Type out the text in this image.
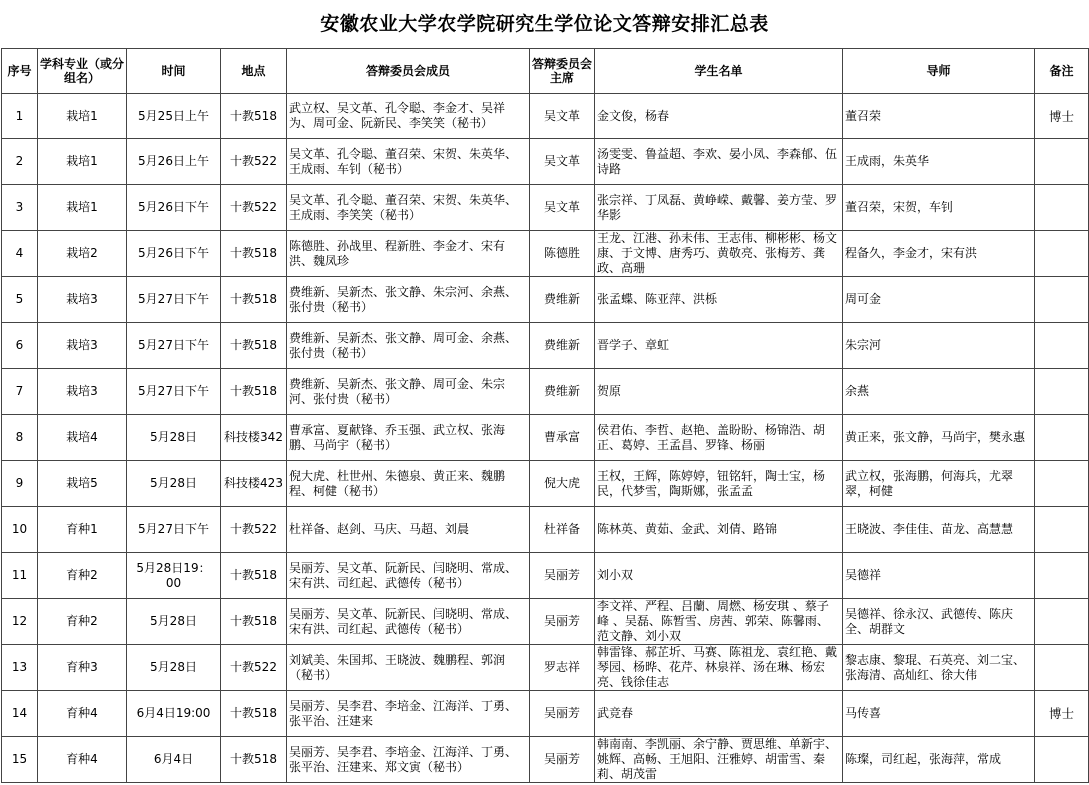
安徽农业大学农学院研究生学位论文答辩安排汇总表
序号	学科专业（或分组名）	时间	地点	答辩委员会成员	答辩委员会主席	学生名单	导师	备注
1	栽培1	5月25日上午	十教518	武立权、吴文革、孔令聪、李金才、吴祥为、周可金、阮新民、李笑笑（秘书）	吴文革	金文俊，杨春	董召荣	博士
2	栽培1	5月26日上午	十教522	吴文革、孔令聪、董召荣、宋贺、朱英华、王成雨、车钊（秘书）	吴文革	汤雯雯、鲁益超、李欢、晏小凤、李森郁、伍诗路	王成雨，朱英华	
3	栽培1	5月26日下午	十教522	吴文革、孔令聪、董召荣、宋贺、朱英华、王成雨、李笑笑（秘书）	吴文革	张宗祥、丁凤磊、黄峥嵘、戴馨、姜方莹、罗华影	董召荣，宋贺，车钊	
4	栽培2	5月26日下午	十教518	陈德胜、孙战里、程新胜、李金才、宋有洪、魏凤珍	陈德胜	王龙、江港、孙未伟、王志伟、柳彬彬、杨文康、于文博、唐秀巧、黄敬亮、张梅芳、龚政、高珊	程备久，李金才，宋有洪	
5	栽培3	5月27日下午	十教518	费维新、吴新杰、张文静、朱宗河、余燕、张付贵（秘书）	费维新	张孟蝶、陈亚萍、洪栎	周可金	
6	栽培3	5月27日下午	十教518	费维新、吴新杰、张文静、周可金、余燕、张付贵（秘书）	费维新	晋学子、章虹	朱宗河	
7	栽培3	5月27日下午	十教518	费维新、吴新杰、张文静、周可金、朱宗河、张付贵（秘书）	费维新	贺原	余燕	
8	栽培4	5月28日	科技楼342	曹承富、夏献锋、乔玉强、武立权、张海鹏、马尚宇（秘书）	曹承富	侯君佑、李哲、赵艳、盖盼盼、杨锦浩、胡正、葛婷、王孟昌、罗锋、杨丽	黄正来，张文静，马尚宇，樊永惠	
9	栽培5	5月28日	科技楼423	倪大虎、杜世州、朱德泉、黄正来、魏鹏程、柯健（秘书）	倪大虎	王权，王辉，陈婷婷，钮铭轩，陶士宝，杨民，代梦雪，陶斯娜，张孟孟	武立权，张海鹏，何海兵，尤翠翠，柯健	
10	育种1	5月27日下午	十教522	杜祥备、赵剑、马庆、马超、刘晨	杜祥备	陈林英、黄茹、金武、刘倩、路锦	王晓波、李佳佳、苗龙、高慧慧	
11	育种2	5月28日19：00	十教518	吴丽芳、吴文革、阮新民、闫晓明、常成、宋有洪、司红起、武德传（秘书）	吴丽芳	刘小双	吴德祥	
12	育种2	5月28日	十教518	吴丽芳、吴文革、阮新民、闫晓明、常成、宋有洪、司红起、武德传（秘书）	吴丽芳	李文祥、严程、吕蘭、周燃、杨安琪 、蔡子峰 、吴磊、陈暂雪、房茜、郭荣、陈馨雨、范文静、刘小双	吴德祥、徐永汉、武德传、陈庆全、胡群文	
13	育种3	5月28日	十教522	刘斌美、朱国邦、王晓波、魏鹏程、郭润（秘书）	罗志祥	韩雷锋、郝芷圻、马赛、陈祖龙、袁红艳、戴琴园、杨晔、花芹、林泉祥、汤在琳、杨宏亮、钱徐佳志	黎志康、黎琨、石英亮、刘二宝、张海清、高灿红、徐大伟	
14	育种4	6月4日19:00	十教518	吴丽芳、吴李君、李培金、江海洋、丁勇、张平治、汪建来	吴丽芳	武竞春	马传喜	博士
15	育种4	6月4日	十教518	吴丽芳、吴李君、李培金、江海洋、丁勇、张平治、汪建来、郑文寅（秘书）	吴丽芳	韩南南、李凯丽、余宁静、贾思维、单新宇、姚辉、高畅、王旭阳、汪雅婷、胡雷雪、秦莉、胡茂雷	陈璨，司红起，张海萍，常成	
